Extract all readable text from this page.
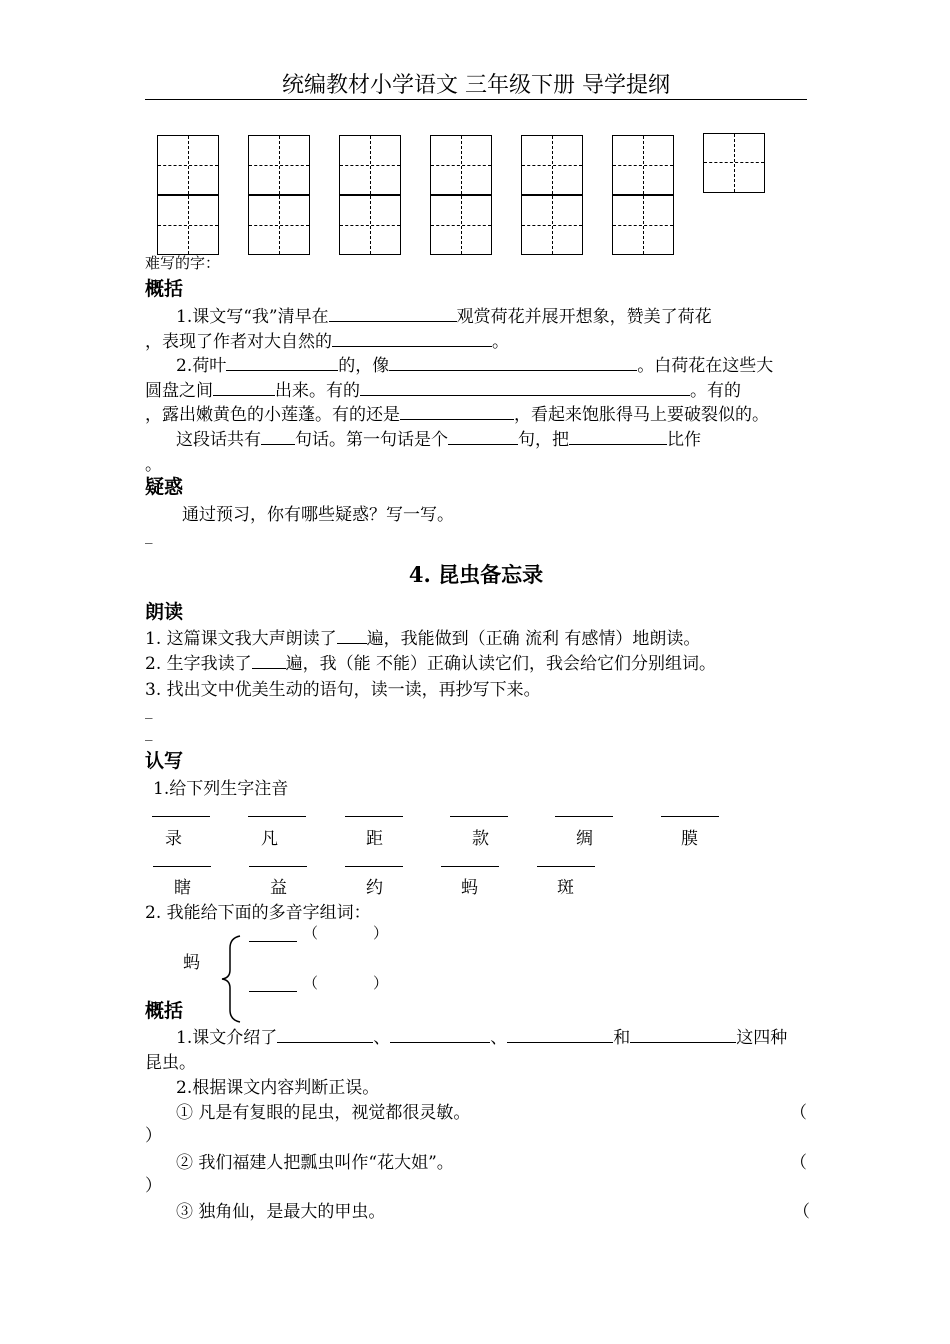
统编教材小学语文 三年级下册 导学提纲
难写的字：
概括
1.课文写“我”清早在	观赏荷花并展开想象，赞美了荷花
，表现了作者对大自然的	。
2.荷叶	的，像	。白荷花在这些大
圆盘之间	出来。有的	。有的
，露出嫩黄色的小莲蓬。有的还是	，看起来饱胀得马上要破裂似的。
这段话共有 句话。第一句话是个	句，把	比作
。
疑惑
通过预习，你有哪些疑惑？写一写。
_
4. 昆虫备忘录
朗读
1. 这篇课文我大声朗读了 遍，我能做到（正确 流利 有感情）地朗读。
2. 生字我读了 遍，我（能 不能）正确认读它们，我会给它们分别组词。
3. 找出文中优美生动的语句，读一读，再抄写下来。
_
_
认写
1.给下列生字注音
录	凡	距	款	绸	膜
瞎	益	约	蚂	斑
2. 我能给下面的多音字组词：
蚂
（	）
（	）
概括
1.课文介绍了	、	、	和	这四种
昆虫。
2.根据课文内容判断正误。
① 凡是有复眼的昆虫，视觉都很灵敏。	（
）
② 我们福建人把瓢虫叫作“花大姐”。	（
）
③ 独角仙，是最大的甲虫。	（
